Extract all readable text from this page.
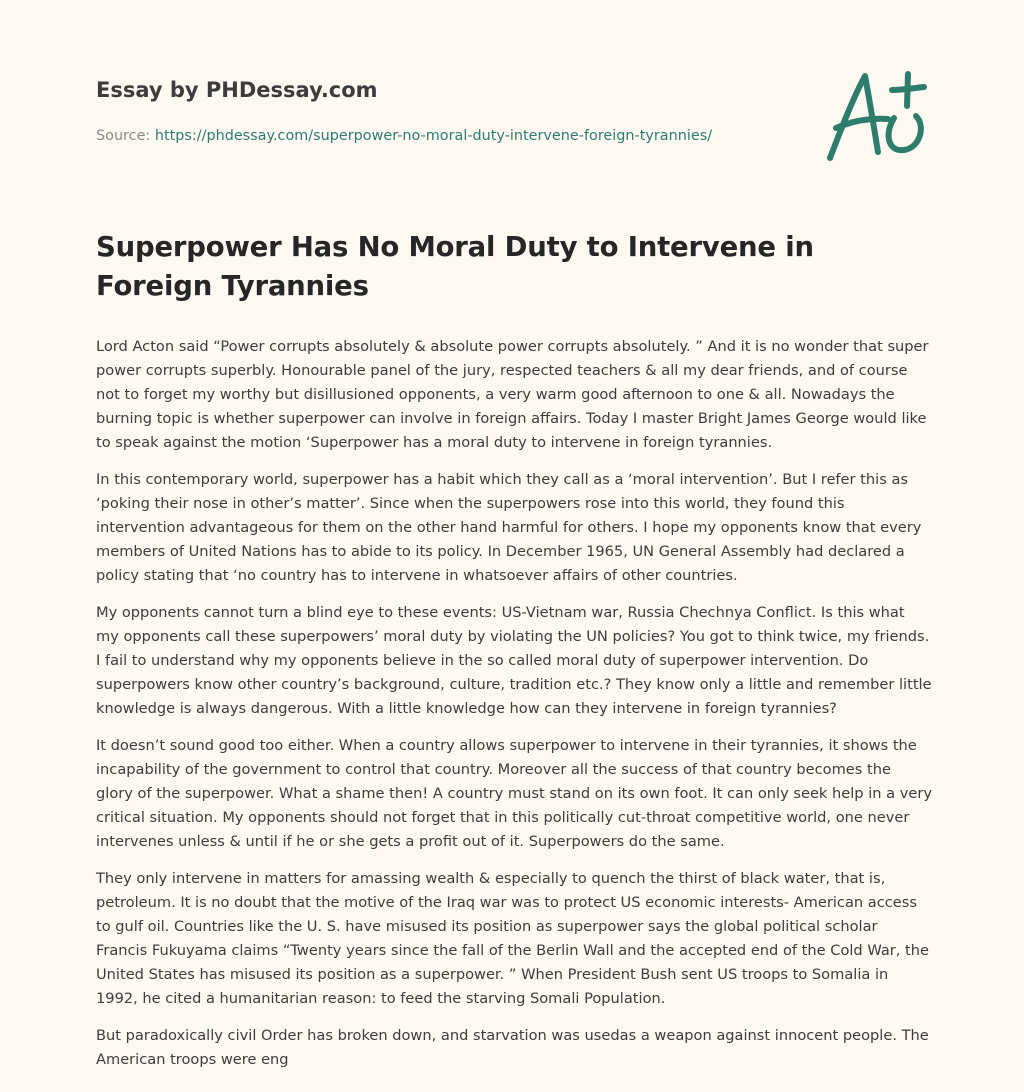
Essay by PHDessay.com
Source: https://phdessay.com/superpower-no-moral-duty-intervene-foreign-tyrannies/
Superpower Has No Moral Duty to Intervene in Foreign Tyrannies

Lord Acton said “Power corrupts absolutely & absolute power corrupts absolutely. ” And it is no wonder that super power corrupts superbly. Honourable panel of the jury, respected teachers & all my dear friends, and of course not to forget my worthy but disillusioned opponents, a very warm good afternoon to one & all. Nowadays the burning topic is whether superpower can involve in foreign affairs. Today I master Bright James George would like to speak against the motion ‘Superpower has a moral duty to intervene in foreign tyrannies.

In this contemporary world, superpower has a habit which they call as a ‘moral intervention’. But I refer this as ‘poking their nose in other’s matter’. Since when the superpowers rose into this world, they found this intervention advantageous for them on the other hand harmful for others. I hope my opponents know that every members of United Nations has to abide to its policy. In December 1965, UN General Assembly had declared a policy stating that ‘no country has to intervene in whatsoever affairs of other countries.

My opponents cannot turn a blind eye to these events: US-Vietnam war, Russia Chechnya Conflict. Is this what my opponents call these superpowers’ moral duty by violating the UN policies? You got to think twice, my friends. I fail to understand why my opponents believe in the so called moral duty of superpower intervention. Do superpowers know other country’s background, culture, tradition etc.? They know only a little and remember little knowledge is always dangerous. With a little knowledge how can they intervene in foreign tyrannies?

It doesn’t sound good too either. When a country allows superpower to intervene in their tyrannies, it shows the incapability of the government to control that country. Moreover all the success of that country becomes the glory of the superpower. What a shame then! A country must stand on its own foot. It can only seek help in a very critical situation. My opponents should not forget that in this politically cut-throat competitive world, one never intervenes unless & until if he or she gets a profit out of it. Superpowers do the same.

They only intervene in matters for amassing wealth & especially to quench the thirst of black water, that is, petroleum. It is no doubt that the motive of the Iraq war was to protect US economic interests- American access to gulf oil. Countries like the U. S. have misused its position as superpower says the global political scholar Francis Fukuyama claims “Twenty years since the fall of the Berlin Wall and the accepted end of the Cold War, the United States has misused its position as a superpower. ” When President Bush sent US troops to Somalia in 1992, he cited a humanitarian reason: to feed the starving Somali Population.

But paradoxically civil Order has broken down, and starvation was usedas a weapon against innocent people. The American troops were eng
